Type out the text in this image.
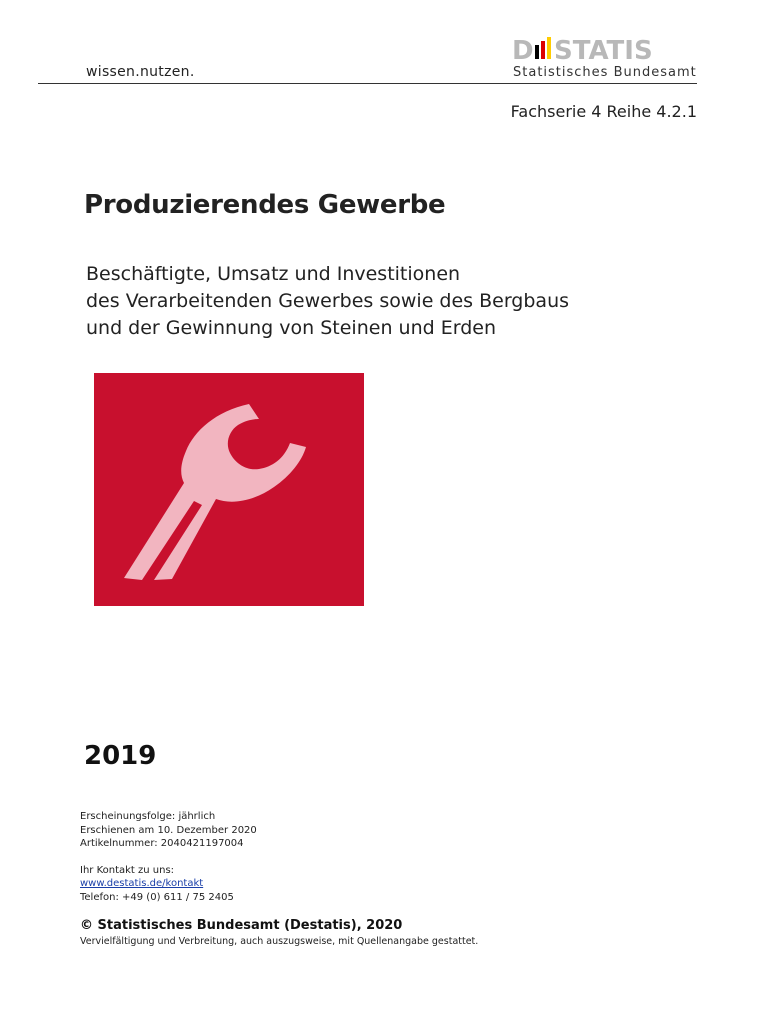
wissen.nutzen.
D STATIS
Statistisches Bundesamt
Fachserie 4 Reihe 4.2.1
Produzierendes Gewerbe
Beschäftigte, Umsatz und Investitionen
des Verarbeitenden Gewerbes sowie des Bergbaus
und der Gewinnung von Steinen und Erden
2019
Erscheinungsfolge: jährlich
Erschienen am 10. Dezember 2020
Artikelnummer: 2040421197004
Ihr Kontakt zu uns:
www.destatis.de/kontakt
Telefon: +49 (0) 611 / 75 2405
© Statistisches Bundesamt (Destatis), 2020
Vervielfältigung und Verbreitung, auch auszugsweise, mit Quellenangabe gestattet.
